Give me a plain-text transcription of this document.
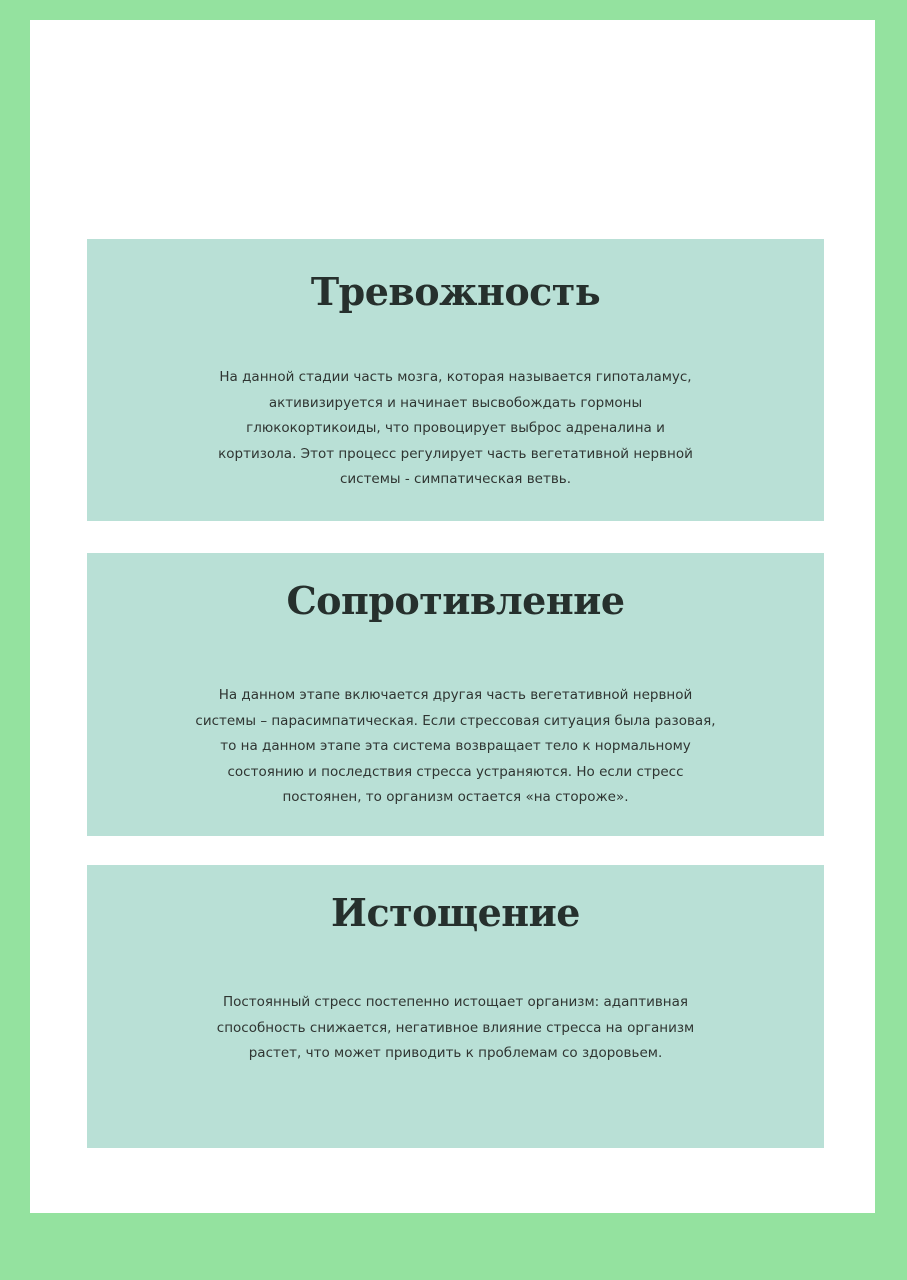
Тревожность

На данной стадии часть мозга, которая называется гипоталамус, активизируется и начинает высвобождать гормоны глюкокортикоиды, что провоцирует выброс адреналина и кортизола. Этот процесс регулирует часть вегетативной нервной системы - симпатическая ветвь.

Сопротивление

На данном этапе включается другая часть вегетативной нервной системы – парасимпатическая. Если стрессовая ситуация была разовая, то на данном этапе эта система возвращает тело к нормальному состоянию и последствия стресса устраняются. Но если стресс постоянен, то организм остается «на стороже».

Истощение

Постоянный стресс постепенно истощает организм: адаптивная способность снижается, негативное влияние стресса на организм растет, что может приводить к проблемам со здоровьем.
